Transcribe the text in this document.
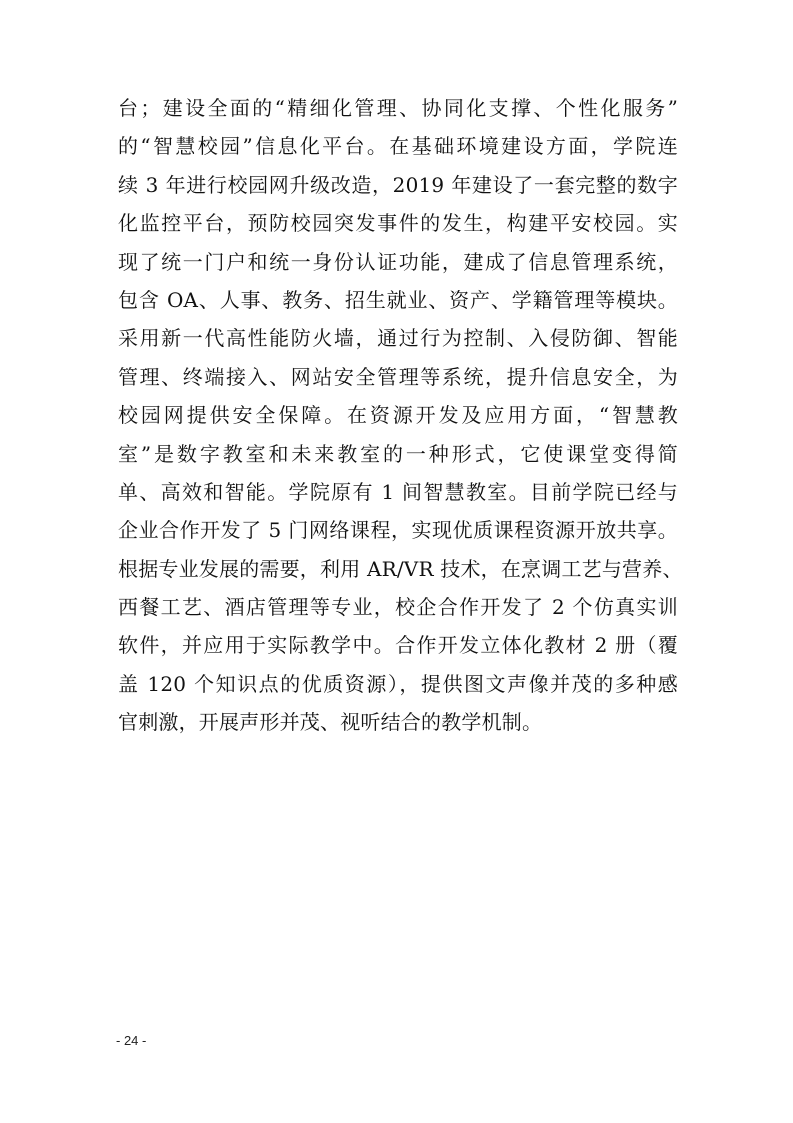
台；建设全面的“精细化管理、协同化支撑、个性化服务”
的“智慧校园”信息化平台。在基础环境建设方面，学院连
续 3 年进行校园网升级改造，2019 年建设了一套完整的数字
化监控平台，预防校园突发事件的发生，构建平安校园。实
现了统一门户和统一身份认证功能，建成了信息管理系统，
包含 OA、人事、教务、招生就业、资产、学籍管理等模块。
采用新一代高性能防火墙，通过行为控制、入侵防御、智能
管理、终端接入、网站安全管理等系统，提升信息安全，为
校园网提供安全保障。在资源开发及应用方面，“智慧教
室”是数字教室和未来教室的一种形式，它使课堂变得简
单、高效和智能。学院原有 1 间智慧教室。目前学院已经与
企业合作开发了 5 门网络课程，实现优质课程资源开放共享。
根据专业发展的需要，利用 AR/VR 技术，在烹调工艺与营养、
西餐工艺、酒店管理等专业，校企合作开发了 2 个仿真实训
软件，并应用于实际教学中。合作开发立体化教材 2 册（覆
盖 120 个知识点的优质资源），提供图文声像并茂的多种感
官刺激，开展声形并茂、视听结合的教学机制。
- 24 -
